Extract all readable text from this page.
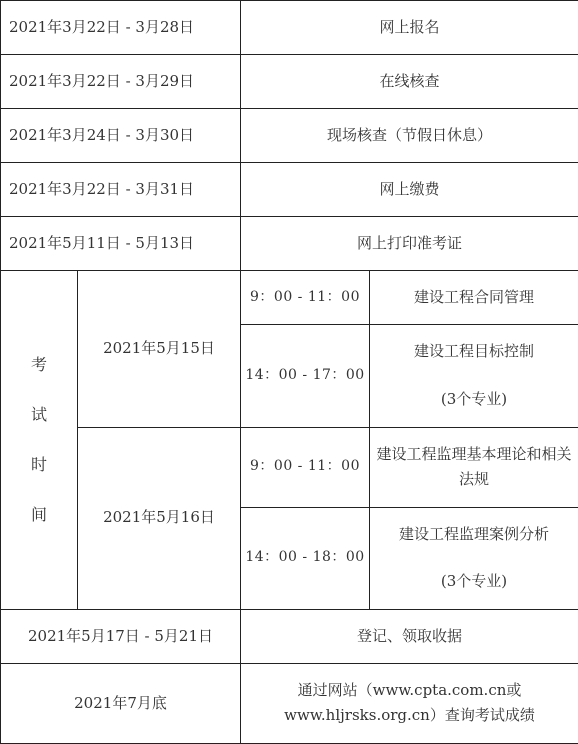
2021年3月22日 - 3月28日		网上报名	
2021年3月22日 - 3月29日		在线核查	
2021年3月24日 - 3月30日		现场核查（节假日休息）	
2021年3月22日 - 3月31日		网上缴费	
2021年5月11日 - 5月13日		网上打印准考证	
考试时间	2021年5月15日	9：00 - 11：00	建设工程合同管理
		14：00 - 17：00	建设工程目标控制
(3个专业)
	2021年5月16日	9：00 - 11：00	建设工程监理基本理论和相关法规
		14：00 - 18：00	建设工程监理案例分析
(3个专业)
2021年5月17日 - 5月21日		登记、领取收据	
2021年7月底		通过网站（www.cpta.com.cn或www.hljrsks.org.cn）查询考试成绩	
